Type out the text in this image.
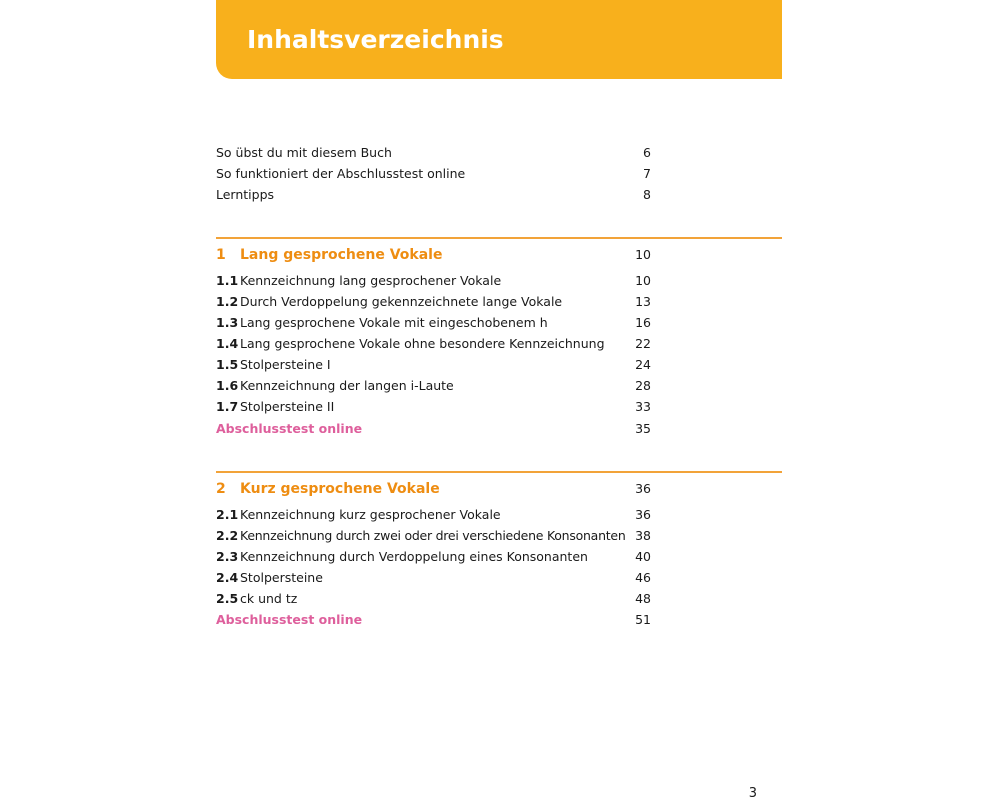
Inhaltsverzeichnis
So übst du mit diesem Buch	6
So funktioniert der Abschlusstest online	7
Lerntipps	8
1 Lang gesprochene Vokale	10
1.1 Kennzeichnung lang gesprochener Vokale	10
1.2 Durch Verdoppelung gekennzeichnete lange Vokale	13
1.3 Lang gesprochene Vokale mit eingeschobenem h	16
1.4 Lang gesprochene Vokale ohne besondere Kennzeichnung	22
1.5 Stolpersteine I	24
1.6 Kennzeichnung der langen i-Laute	28
1.7 Stolpersteine II	33
Abschlusstest online	35
2 Kurz gesprochene Vokale	36
2.1 Kennzeichnung kurz gesprochener Vokale	36
2.2 Kennzeichnung durch zwei oder drei verschiedene Konsonanten 38
2.3 Kennzeichnung durch Verdoppelung eines Konsonanten	40
2.4 Stolpersteine	46
2.5 ck und tz	48
Abschlusstest online	51
3
